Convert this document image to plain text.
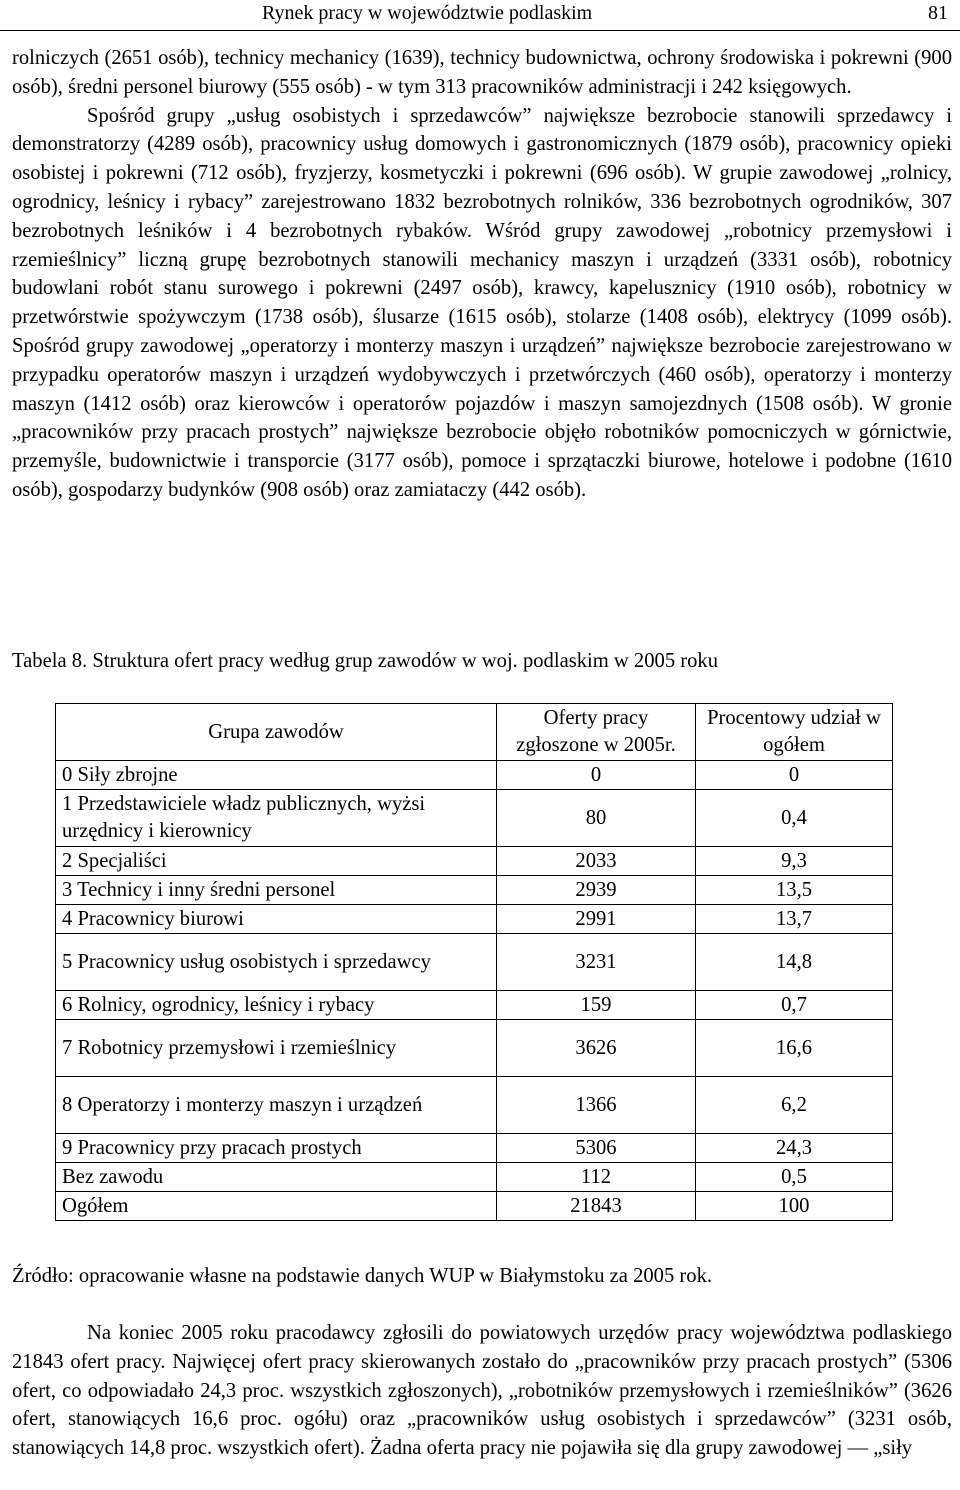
Rynek pracy w województwie podlaskim	81

rolniczych (2651 osób), technicy mechanicy (1639), technicy budownictwa, ochrony środowiska i pokrewni (900 osób), średni personel biurowy (555 osób) - w tym 313 pracowników administracji i 242 księgowych.

Spośród grupy „usług osobistych i sprzedawców” największe bezrobocie stanowili sprzedawcy i demonstratorzy (4289 osób), pracownicy usług domowych i gastronomicznych (1879 osób), pracownicy opieki osobistej i pokrewni (712 osób), fryzjerzy, kosmetyczki i pokrewni (696 osób). W grupie zawodowej „rolnicy, ogrodnicy, leśnicy i rybacy” zarejestrowano 1832 bezrobotnych rolników, 336 bezrobotnych ogrodników, 307 bezrobotnych leśników i 4 bezrobotnych rybaków. Wśród grupy zawodowej „robotnicy przemysłowi i rzemieślnicy” liczną grupę bezrobotnych stanowili mechanicy maszyn i urządzeń (3331 osób), robotnicy budowlani robót stanu surowego i pokrewni (2497 osób), krawcy, kapelusznicy (1910 osób), robotnicy w przetwórstwie spożywczym (1738 osób), ślusarze (1615 osób), stolarze (1408 osób), elektrycy (1099 osób). Spośród grupy zawodowej „operatorzy i monterzy maszyn i urządzeń” największe bezrobocie zarejestrowano w przypadku operatorów maszyn i urządzeń wydobywczych i przetwórczych (460 osób), operatorzy i monterzy maszyn (1412 osób) oraz kierowców i operatorów pojazdów i maszyn samojezdnych (1508 osób). W gronie „pracowników przy pracach prostych” największe bezrobocie objęło robotników pomocniczych w górnictwie, przemyśle, budownictwie i transporcie (3177 osób), pomoce i sprzątaczki biurowe, hotelowe i podobne (1610 osób), gospodarzy budynków (908 osób) oraz zamiataczy (442 osób).

Tabela 8. Struktura ofert pracy według grup zawodów w woj. podlaskim w 2005 roku
Grupa zawodów	Oferty pracy zgłoszone w 2005r.	Procentowy udział w ogółem
0 Siły zbrojne	0	0
1 Przedstawiciele władz publicznych, wyżsi urzędnicy i kierownicy	80	0,4
2 Specjaliści	2033	9,3
3 Technicy i inny średni personel	2939	13,5
4 Pracownicy biurowi	2991	13,7
5 Pracownicy usług osobistych i sprzedawcy	3231	14,8
6 Rolnicy, ogrodnicy, leśnicy i rybacy	159	0,7
7 Robotnicy przemysłowi i rzemieślnicy	3626	16,6
8 Operatorzy i monterzy maszyn i urządzeń	1366	6,2
9 Pracownicy przy pracach prostych	5306	24,3
Bez zawodu	112	0,5
Ogółem	21843	100
Źródło: opracowanie własne na podstawie danych WUP w Białymstoku za 2005 rok.

Na koniec 2005 roku pracodawcy zgłosili do powiatowych urzędów pracy województwa podlaskiego 21843 ofert pracy. Najwięcej ofert pracy skierowanych zostało do „pracowników przy pracach prostych” (5306 ofert, co odpowiadało 24,3 proc. wszystkich zgłoszonych), „robotników przemysłowych i rzemieślników” (3626 ofert, stanowiących 16,6 proc. ogółu) oraz „pracowników usług osobistych i sprzedawców” (3231 osób, stanowiących 14,8 proc. wszystkich ofert). Żadna oferta pracy nie pojawiła się dla grupy zawodowej — „siły
